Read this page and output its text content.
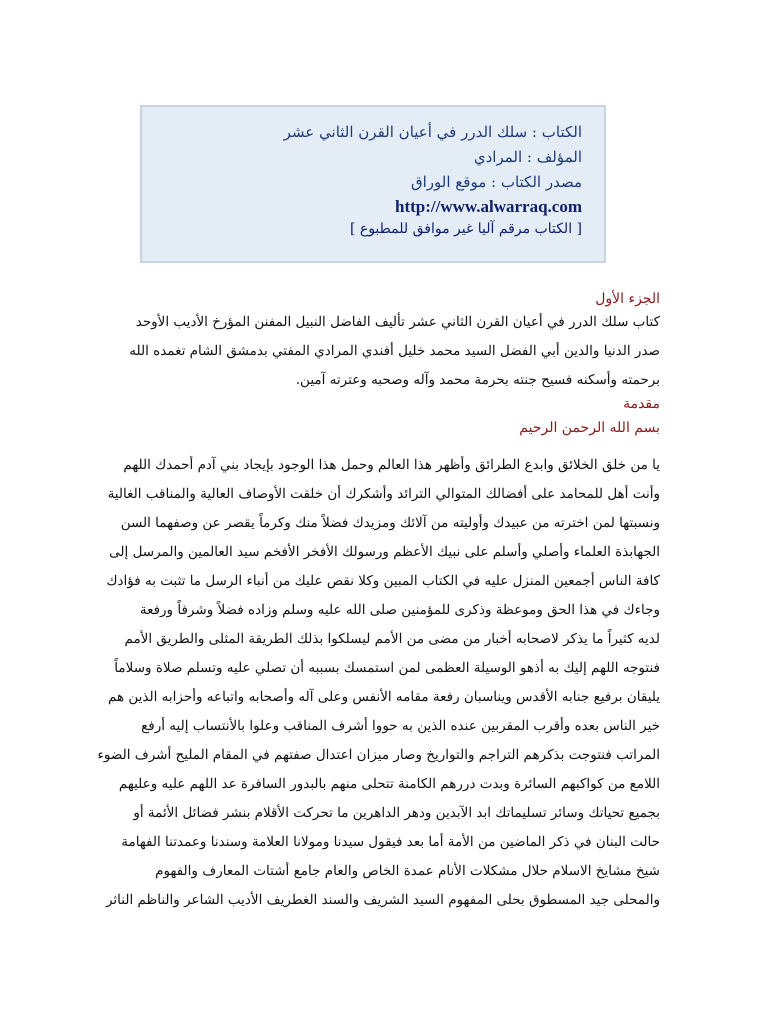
الكتاب : سلك الدرر في أعيان القرن الثاني عشر
المؤلف : المرادي
مصدر الكتاب : موقع الوراق
http://www.alwarraq.com
[ الكتاب مرقم آليا غير موافق للمطبوع ]
الجزء الأول
كتاب سلك الدرر في أعيان القرن الثاني عشر تأليف الفاضل النبيل المفنن المؤرخ الأديب الأوحد
صدر الدنيا والدين أبي الفضل السيد محمد خليل أفندي المرادي المفتي بدمشق الشام تغمده الله
برحمته وأسكنه فسيح جنته بحرمة محمد وآله وصحبه وعترته آمين.
مقدمة
بسم الله الرحمن الرحيم
يا من خلق الخلائق وابدع الطرائق وأظهر هذا العالم وحمل هذا الوجود بإيجاد بني آدم أحمدك اللهم
وأنت أهل للمحامد على أفضالك المتوالي الترائد وأشكرك أن خلقت الأوصاف العالية والمناقب الغالية
ونسبتها لمن اخترته من عبيدك وأوليته من آلائك ومزيدك فضلاً منك وكرماً يقصر عن وصفهما السن
الجهابذة العلماء وأصلي وأسلم على نبيك الأعظم ورسولك الأفخر الأفخم سيد العالمين والمرسل إلى
كافة الناس أجمعين المنزل عليه في الكتاب المبين وكلا نقص عليك من أنباء الرسل ما تثبت به فؤادك
وجاءك في هذا الحق وموعظة وذكرى للمؤمنين صلى الله عليه وسلم وزاده فضلاً وشرفاً ورفعة
لديه كثيراً ما يذكر لاصحابه أخبار من مضى من الأمم ليسلكوا بذلك الطريقة المثلى والطريق الأمم
فنتوجه اللهم إليك به أذهو الوسيلة العظمى لمن استمسك بسببه أن تصلي عليه وتسلم صلاة وسلاماً
يليقان برفيع جنابه الأقدس ويناسبان رفعة مقامه الأنفس وعلى آله وأصحابه واتباعه وأحزابه الذين هم
خير الناس بعده وأقرب المقربين عنده الذين به حووا أشرف المناقب وعلوا بالأنتساب إليه أرفع
المراتب فنتوجت بذكرهم التراجم والتواريخ وصار ميزان اعتدال صفتهم في المقام المليح أشرف الضوء
اللامع من كواكبهم السائرة وبدت دررهم الكامنة تتحلى منهم بالبدور السافرة عد اللهم عليه وعليهم
بجميع تحياتك وسائر تسليماتك ابد الآبدين ودهر الداهرين ما تحركت الأقلام بنشر فضائل الأئمة أو
حالت البنان في ذكر الماضين من الأمة أما بعد فيقول سيدنا ومولانا العلامة وسندنا وعمدتنا الفهامة
شيخ مشايخ الاسلام حلال مشكلات الأنام عمدة الخاص والعام جامع أشتات المعارف والفهوم
والمحلى جيد المسطوق بحلى المفهوم السيد الشريف والسند الغطريف الأديب الشاعر والناظم الناثر
